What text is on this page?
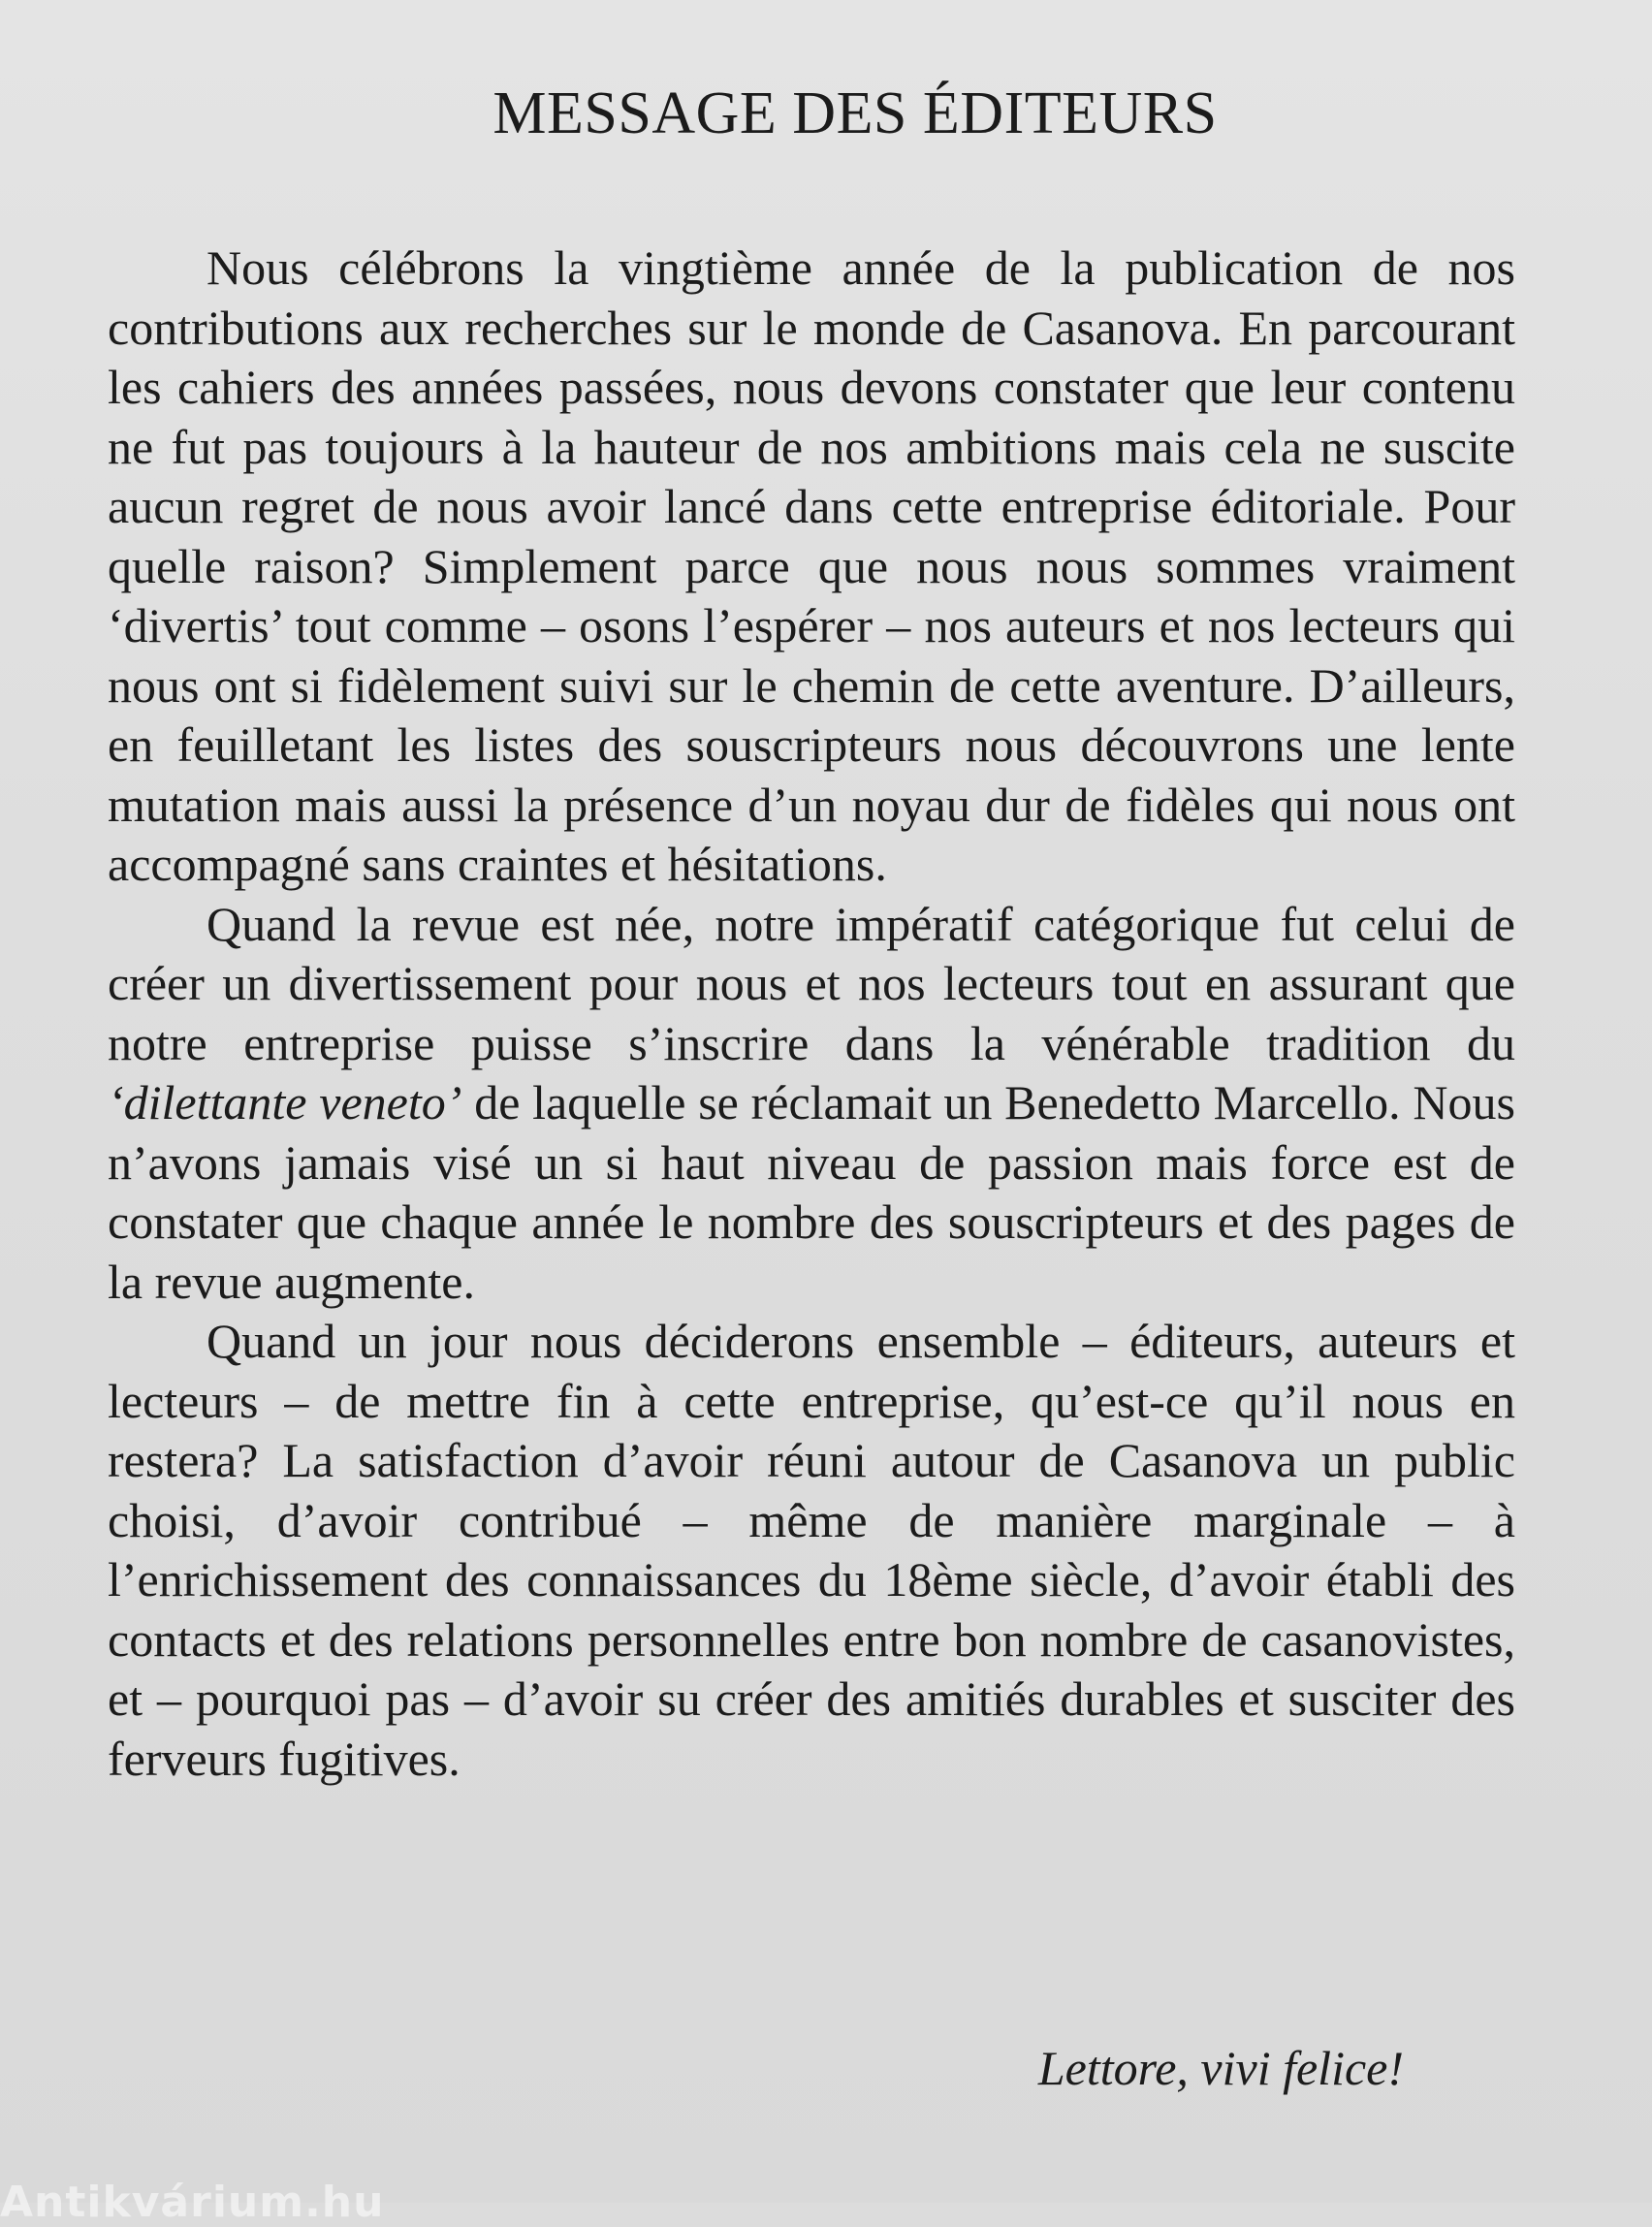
MESSAGE DES ÉDITEURS

Nous célébrons la vingtième année de la publication de nos contributions aux recherches sur le monde de Casanova. En parcourant les cahiers des années passées, nous devons constater que leur contenu ne fut pas toujours à la hauteur de nos ambitions mais cela ne suscite aucun regret de nous avoir lancé dans cette entreprise éditoriale. Pour quelle raison? Simplement parce que nous nous sommes vraiment ‘divertis’ tout comme – osons l’espérer – nos auteurs et nos lecteurs qui nous ont si fidèlement suivi sur le chemin de cette aventure. D’ailleurs, en feuilletant les listes des souscripteurs nous découvrons une lente mutation mais aussi la présence d’un noyau dur de fidèles qui nous ont accompagné sans craintes et hésitations.

Quand la revue est née, notre impératif catégorique fut celui de créer un divertissement pour nous et nos lecteurs tout en assurant que notre entreprise puisse s’inscrire dans la vénérable tradition du ‘dilettante veneto’ de laquelle se réclamait un Benedetto Marcello. Nous n’avons jamais visé un si haut niveau de passion mais force est de constater que chaque année le nombre des souscripteurs et des pages de la revue augmente.

Quand un jour nous déciderons ensemble – éditeurs, auteurs et lecteurs – de mettre fin à cette entreprise, qu’est-ce qu’il nous en restera? La satisfaction d’avoir réuni autour de Casanova un public choisi, d’avoir contribué – même de manière marginale – à l’enrichissement des connaissances du 18ème siècle, d’avoir établi des contacts et des relations personnelles entre bon nombre de casanovistes, et – pourquoi pas – d’avoir su créer des amitiés durables et susciter des ferveurs fugitives.

Lettore, vivi felice!

Antikvárium.hu
